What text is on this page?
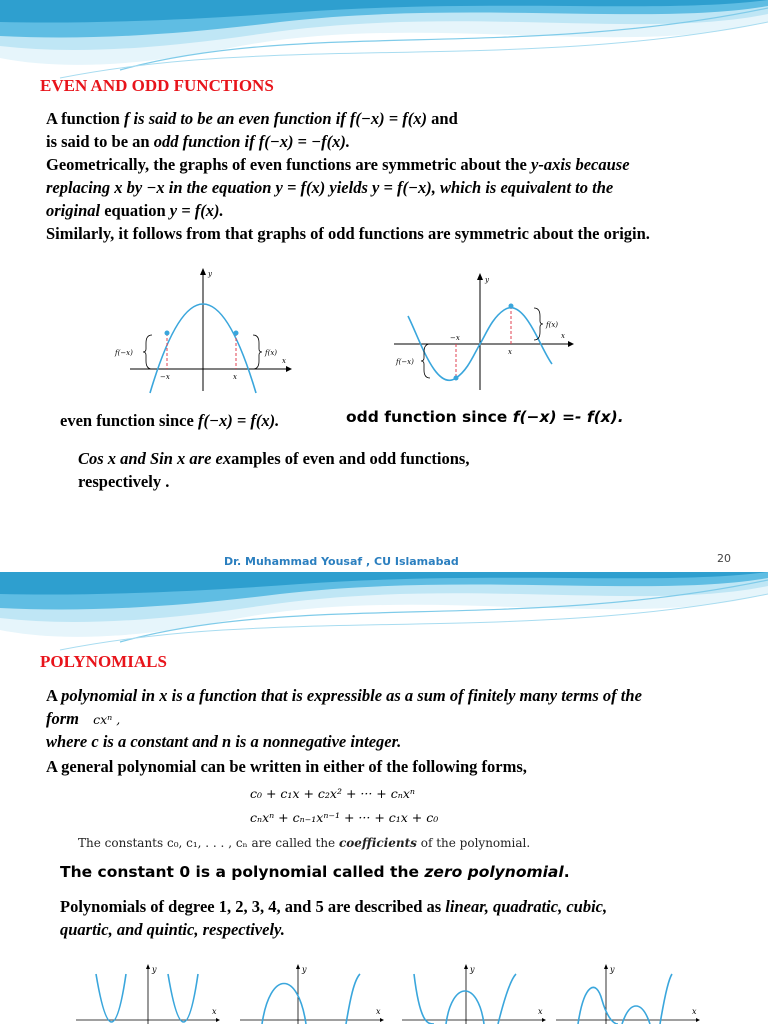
EVEN AND ODD FUNCTIONS
A function f is said to be an even function if f(−x) = f(x) and
is said to be an odd function if f(−x) = −f(x).
Geometrically, the graphs of even functions are symmetric about the y-axis because
replacing x by −x in the equation y = f(x) yields y = f(−x), which is equivalent to the
original equation y = f(x).
Similarly, it follows from that graphs of odd functions are symmetric about the origin.
y
x
f(−x)	f(x)
−x	x
y
x
f(−x)
f(x)
−x
x
even function since f(−x) = f(x).	odd function since f(−x) =- f(x).
Cos x and Sin x are examples of even and odd functions,
respectively .
Dr. Muhammad Yousaf , CU Islamabad	20
POLYNOMIALS
A polynomial in x is a function that is expressible as a sum of finitely many terms of the
form cxⁿ ,
where c is a constant and n is a nonnegative integer.
A general polynomial can be written in either of the following forms,
c₀ + c₁x + c₂x² + ··· + cₙxⁿ
cₙxⁿ + cₙ₋₁xⁿ⁻¹ + ··· + c₁x + c₀
The constants c₀, c₁, . . . , cₙ are called the coefficients of the polynomial.
The constant 0 is a polynomial called the zero polynomial.
Polynomials of degree 1, 2, 3, 4, and 5 are described as linear, quadratic, cubic,
quartic, and quintic, respectively.
y
x
y
x
y
x
y
x
